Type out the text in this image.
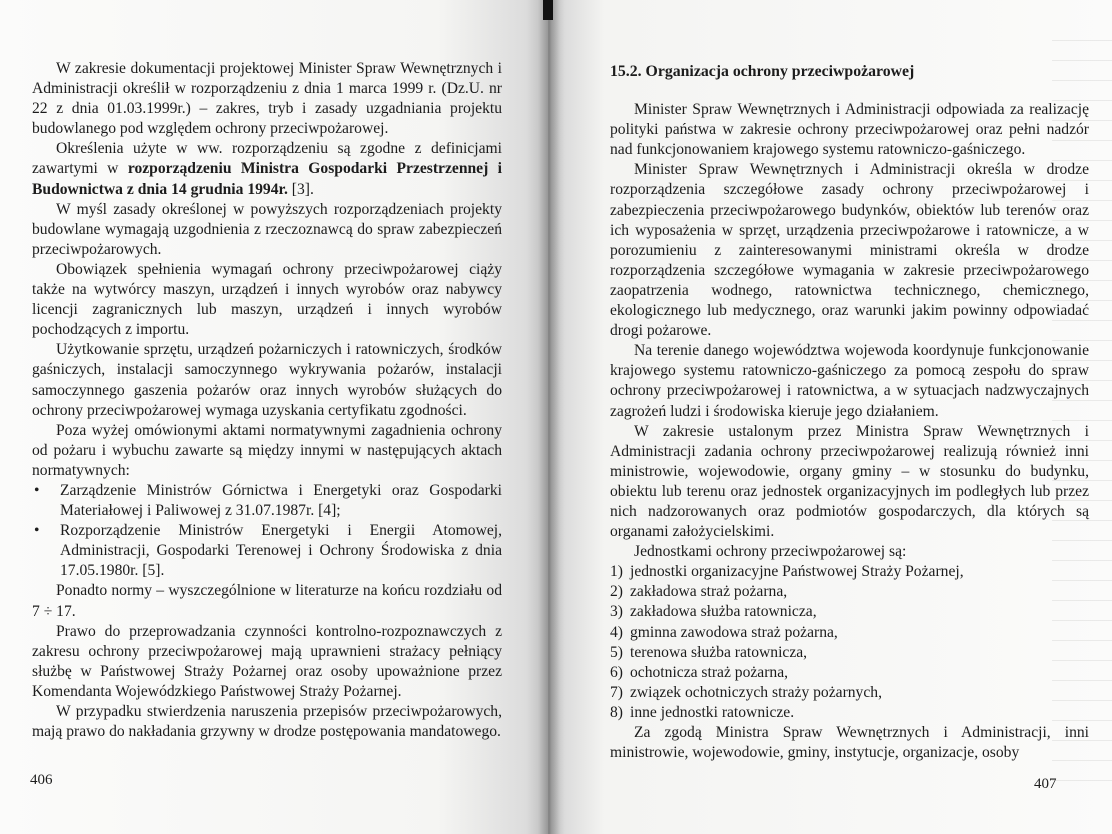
W zakresie dokumentacji projektowej Minister Spraw Wewnętrznych i Administracji określił w rozporządzeniu z dnia 1 marca 1999 r. (Dz.U. nr 22 z dnia 01.03.1999r.) – zakres, tryb i zasady uzgadniania projektu budowlanego pod względem ochrony przeciwpożarowej.

Określenia użyte w ww. rozporządzeniu są zgodne z definicjami zawartymi w rozporządzeniu Ministra Gospodarki Przestrzennej i Budownictwa z dnia 14 grudnia 1994r. [3].

W myśl zasady określonej w powyższych rozporządzeniach projekty budowlane wymagają uzgodnienia z rzeczoznawcą do spraw zabezpieczeń przeciwpożarowych.

Obowiązek spełnienia wymagań ochrony przeciwpożarowej ciąży także na wytwórcy maszyn, urządzeń i innych wyrobów oraz nabywcy licencji zagranicznych lub maszyn, urządzeń i innych wyrobów pochodzących z importu.

Użytkowanie sprzętu, urządzeń pożarniczych i ratowniczych, środków gaśniczych, instalacji samoczynnego wykrywania pożarów, instalacji samoczynnego gaszenia pożarów oraz innych wyrobów służących do ochrony przeciwpożarowej wymaga uzyskania certyfikatu zgodności.

Poza wyżej omówionymi aktami normatywnymi zagadnienia ochrony od pożaru i wybuchu zawarte są między innymi w następujących aktach normatywnych:

• Zarządzenie Ministrów Górnictwa i Energetyki oraz Gospodarki Materiałowej i Paliwowej z 31.07.1987r. [4];
• Rozporządzenie Ministrów Energetyki i Energii Atomowej, Administracji, Gospodarki Terenowej i Ochrony Środowiska z dnia 17.05.1980r. [5].

Ponadto normy – wyszczególnione w literaturze na końcu rozdziału od 7 ÷ 17.

Prawo do przeprowadzania czynności kontrolno-rozpoznawczych z zakresu ochrony przeciwpożarowej mają uprawnieni strażacy pełniący służbę w Państwowej Straży Pożarnej oraz osoby upoważnione przez Komendanta Wojewódzkiego Państwowej Straży Pożarnej.

W przypadku stwierdzenia naruszenia przepisów przeciwpożarowych, mają prawo do nakładania grzywny w drodze postępowania mandatowego.

406
15.2. Organizacja ochrony przeciwpożarowej

Minister Spraw Wewnętrznych i Administracji odpowiada za realizację polityki państwa w zakresie ochrony przeciwpożarowej oraz pełni nadzór nad funkcjonowaniem krajowego systemu ratowniczo-gaśniczego.

Minister Spraw Wewnętrznych i Administracji określa w drodze rozporządzenia szczegółowe zasady ochrony przeciwpożarowej i zabezpieczenia przeciwpożarowego budynków, obiektów lub terenów oraz ich wyposażenia w sprzęt, urządzenia przeciwpożarowe i ratownicze, a w porozumieniu z zainteresowanymi ministrami określa w drodze rozporządzenia szczegółowe wymagania w zakresie przeciwpożarowego zaopatrzenia wodnego, ratownictwa technicznego, chemicznego, ekologicznego lub medycznego, oraz warunki jakim powinny odpowiadać drogi pożarowe.

Na terenie danego województwa wojewoda koordynuje funkcjonowanie krajowego systemu ratowniczo-gaśniczego za pomocą zespołu do spraw ochrony przeciwpożarowej i ratownictwa, a w sytuacjach nadzwyczajnych zagrożeń ludzi i środowiska kieruje jego działaniem.

W zakresie ustalonym przez Ministra Spraw Wewnętrznych i Administracji zadania ochrony przeciwpożarowej realizują również inni ministrowie, wojewodowie, organy gminy – w stosunku do budynku, obiektu lub terenu oraz jednostek organizacyjnych im podległych lub przez nich nadzorowanych oraz podmiotów gospodarczych, dla których są organami założycielskimi.

Jednostkami ochrony przeciwpożarowej są:

1) jednostki organizacyjne Państwowej Straży Pożarnej,
2) zakładowa straż pożarna,
3) zakładowa służba ratownicza,
4) gminna zawodowa straż pożarna,
5) terenowa służba ratownicza,
6) ochotnicza straż pożarna,
7) związek ochotniczych straży pożarnych,
8) inne jednostki ratownicze.

Za zgodą Ministra Spraw Wewnętrznych i Administracji, inni ministrowie, wojewodowie, gminy, instytucje, organizacje, osoby

407
